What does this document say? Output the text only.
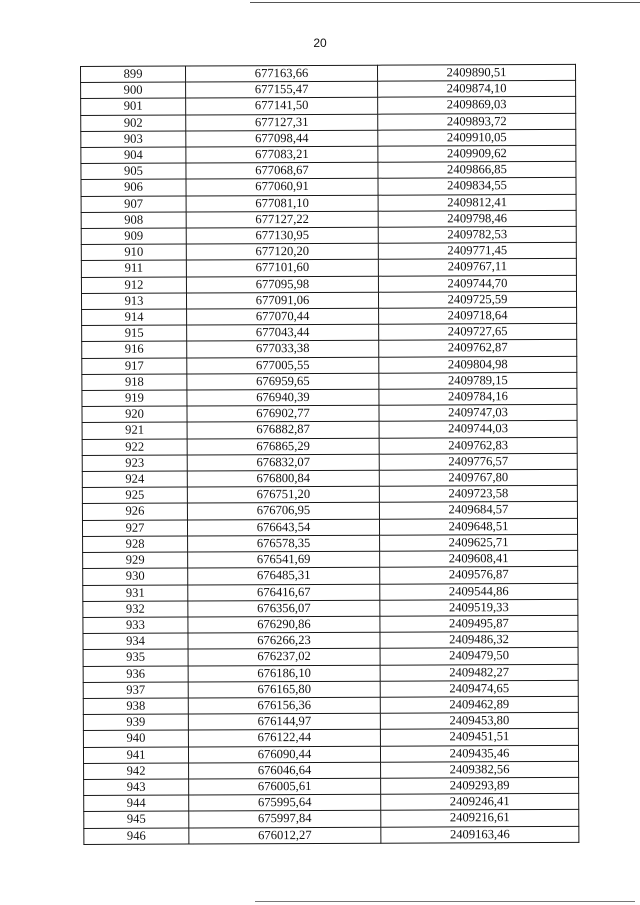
20
899	677163,66	2409890,51
900	677155,47	2409874,10
901	677141,50	2409869,03
902	677127,31	2409893,72
903	677098,44	2409910,05
904	677083,21	2409909,62
905	677068,67	2409866,85
906	677060,91	2409834,55
907	677081,10	2409812,41
908	677127,22	2409798,46
909	677130,95	2409782,53
910	677120,20	2409771,45
911	677101,60	2409767,11
912	677095,98	2409744,70
913	677091,06	2409725,59
914	677070,44	2409718,64
915	677043,44	2409727,65
916	677033,38	2409762,87
917	677005,55	2409804,98
918	676959,65	2409789,15
919	676940,39	2409784,16
920	676902,77	2409747,03
921	676882,87	2409744,03
922	676865,29	2409762,83
923	676832,07	2409776,57
924	676800,84	2409767,80
925	676751,20	2409723,58
926	676706,95	2409684,57
927	676643,54	2409648,51
928	676578,35	2409625,71
929	676541,69	2409608,41
930	676485,31	2409576,87
931	676416,67	2409544,86
932	676356,07	2409519,33
933	676290,86	2409495,87
934	676266,23	2409486,32
935	676237,02	2409479,50
936	676186,10	2409482,27
937	676165,80	2409474,65
938	676156,36	2409462,89
939	676144,97	2409453,80
940	676122,44	2409451,51
941	676090,44	2409435,46
942	676046,64	2409382,56
943	676005,61	2409293,89
944	675995,64	2409246,41
945	675997,84	2409216,61
946	676012,27	2409163,46
